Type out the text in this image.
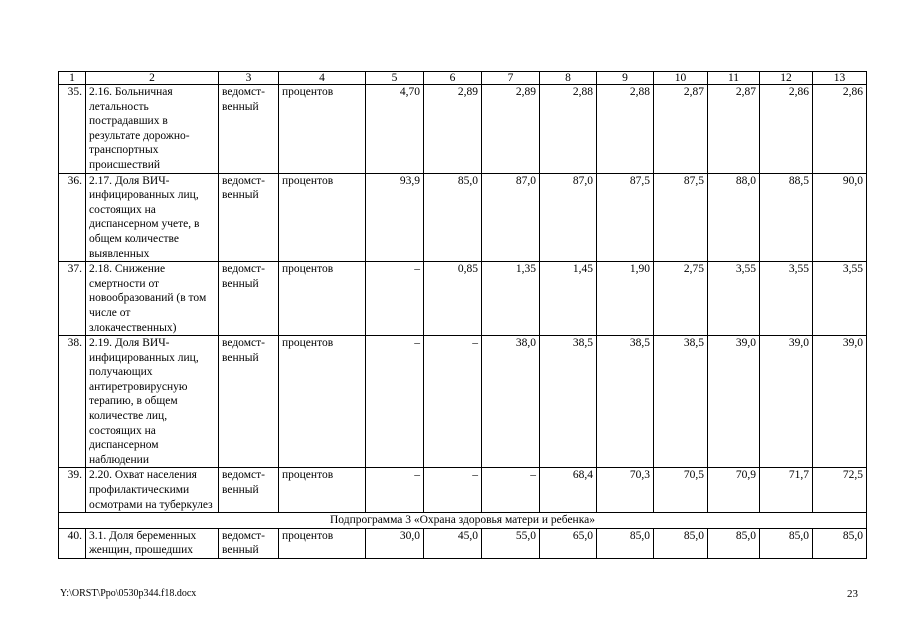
1	2	3	4	5	6	7	8	9	10	11	12	13
35.	2.16. Больничная летальность пострадавших в результате дорожно-транспортных происшествий	ведомст-венный	процентов	4,70	2,89	2,89	2,88	2,88	2,87	2,87	2,86	2,86
36.	2.17. Доля ВИЧ-инфицированных лиц, состоящих на диспансерном учете, в общем количестве выявленных	ведомст-венный	процентов	93,9	85,0	87,0	87,0	87,5	87,5	88,0	88,5	90,0
37.	2.18. Снижение смертности от новообразований (в том числе от злокачественных)	ведомст-венный	процентов	–	0,85	1,35	1,45	1,90	2,75	3,55	3,55	3,55
38.	2.19. Доля ВИЧ-инфицированных лиц, получающих антиретровирусную терапию, в общем количестве лиц, состоящих на диспансерном наблюдении	ведомст-венный	процентов	–	–	38,0	38,5	38,5	38,5	39,0	39,0	39,0
39.	2.20. Охват населения профилактическими осмотрами на туберкулез	ведомст-венный	процентов	–	–	–	68,4	70,3	70,5	70,9	71,7	72,5
Подпрограмма 3 «Охрана здоровья матери и ребенка»												
40.	3.1. Доля беременных женщин, прошедших	ведомст-венный	процентов	30,0	45,0	55,0	65,0	85,0	85,0	85,0	85,0	85,0
Y:\ORST\Ppo\0530p344.f18.docx	23
